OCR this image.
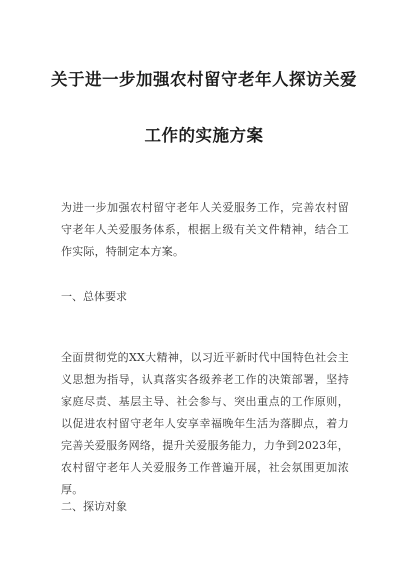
关于进一步加强农村留守老年人探访关爱
工作的实施方案
为进一步加强农村留守老年人关爱服务工作，完善农村留
守老年人关爱服务体系，根据上级有关文件精神，结合工
作实际，特制定本方案。
一、总体要求
全面贯彻党的XX大精神，以习近平新时代中国特色社会主
义思想为指导，认真落实各级养老工作的决策部署，坚持
家庭尽责、基层主导、社会参与、突出重点的工作原则，
以促进农村留守老年人安享幸福晚年生活为落脚点，着力
完善关爱服务网络，提升关爱服务能力，力争到2023年，
农村留守老年人关爱服务工作普遍开展，社会氛围更加浓
厚。
二、探访对象
